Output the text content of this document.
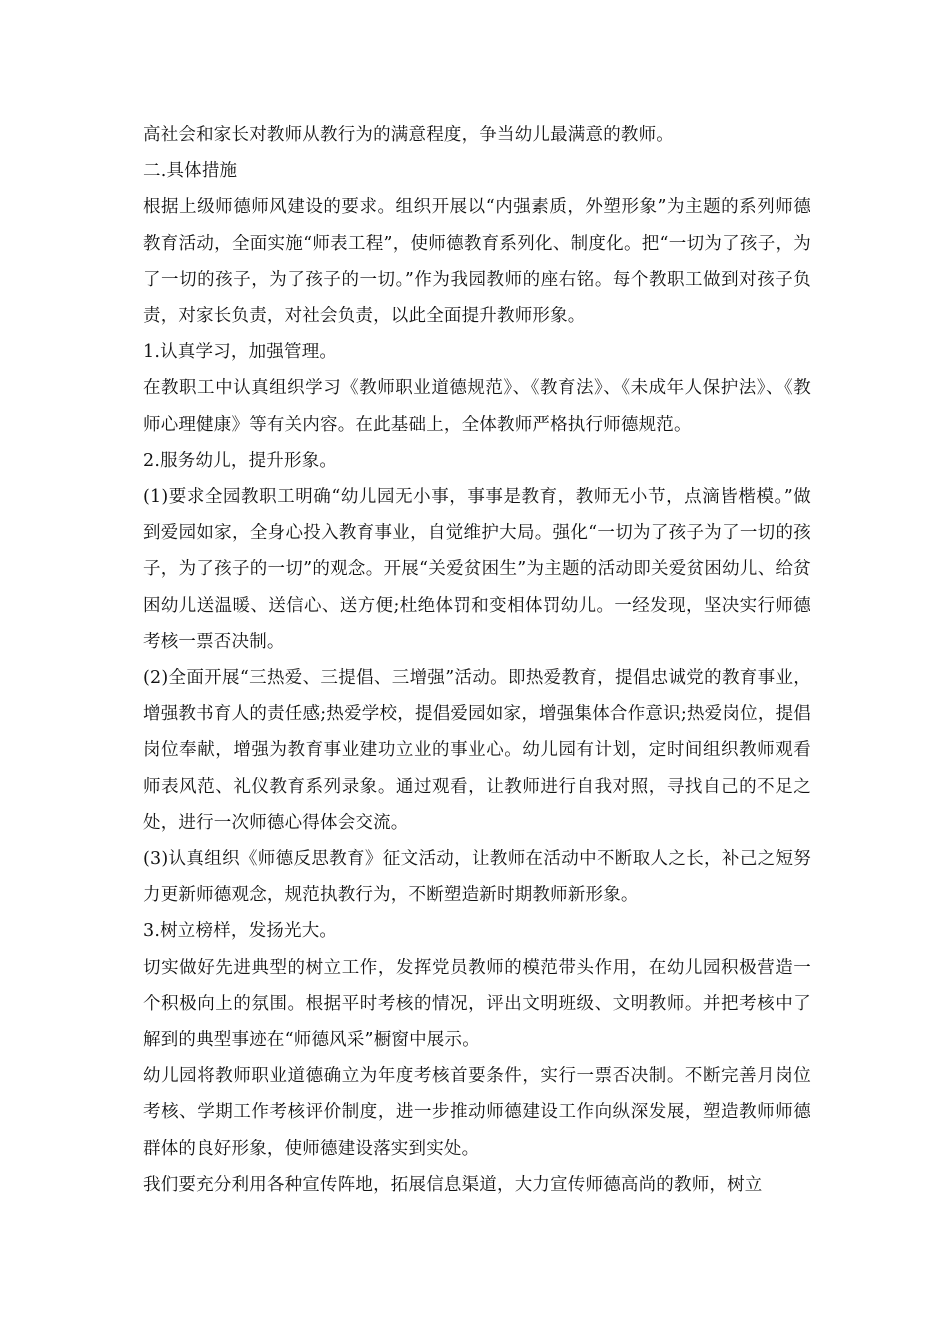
高社会和家长对教师从教行为的满意程度，争当幼儿最满意的教师。

二.具体措施

根据上级师德师风建设的要求。组织开展以“内强素质，外塑形象”为主题的系列师德教育活动，全面实施“师表工程”，使师德教育系列化、制度化。把“一切为了孩子，为了一切的孩子，为了孩子的一切。”作为我园教师的座右铭。每个教职工做到对孩子负责，对家长负责，对社会负责，以此全面提升教师形象。

1.认真学习，加强管理。

在教职工中认真组织学习《教师职业道德规范》、《教育法》、《未成年人保护法》、《教师心理健康》等有关内容。在此基础上，全体教师严格执行师德规范。

2.服务幼儿，提升形象。

(1)要求全园教职工明确“幼儿园无小事，事事是教育，教师无小节，点滴皆楷模。”做到爱园如家，全身心投入教育事业，自觉维护大局。强化“一切为了孩子为了一切的孩子，为了孩子的一切”的观念。开展“关爱贫困生”为主题的活动即关爱贫困幼儿、给贫困幼儿送温暖、送信心、送方便;杜绝体罚和变相体罚幼儿。一经发现，坚决实行师德考核一票否决制。

(2)全面开展“三热爱、三提倡、三增强”活动。即热爱教育，提倡忠诚党的教育事业，增强教书育人的责任感;热爱学校，提倡爱园如家，增强集体合作意识;热爱岗位，提倡岗位奉献，增强为教育事业建功立业的事业心。幼儿园有计划，定时间组织教师观看师表风范、礼仪教育系列录象。通过观看，让教师进行自我对照，寻找自己的不足之处，进行一次师德心得体会交流。

(3)认真组织《师德反思教育》征文活动，让教师在活动中不断取人之长，补己之短努力更新师德观念，规范执教行为，不断塑造新时期教师新形象。

3.树立榜样，发扬光大。

切实做好先进典型的树立工作，发挥党员教师的模范带头作用，在幼儿园积极营造一个积极向上的氛围。根据平时考核的情况，评出文明班级、文明教师。并把考核中了解到的典型事迹在“师德风采”橱窗中展示。

幼儿园将教师职业道德确立为年度考核首要条件，实行一票否决制。不断完善月岗位考核、学期工作考核评价制度，进一步推动师德建设工作向纵深发展，塑造教师师德群体的良好形象，使师德建设落实到实处。

我们要充分利用各种宣传阵地，拓展信息渠道，大力宣传师德高尚的教师，树立
